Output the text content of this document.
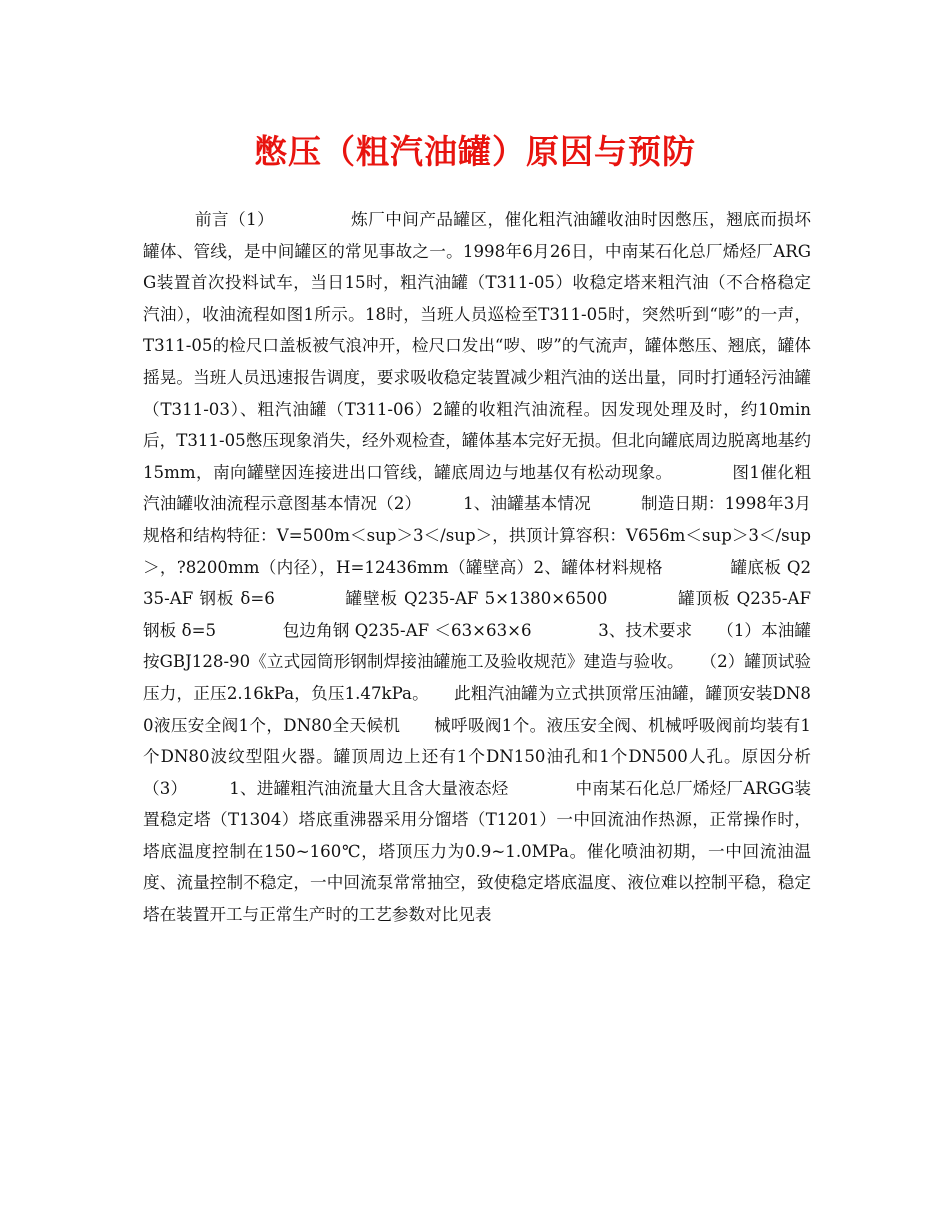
憋压（粗汽油罐）原因与预防

前言（1）　　　　　炼厂中间产品罐区，催化粗汽油罐收油时因憋压，翘底而损坏罐体、管线，是中间罐区的常见事故之一。1998年6月26日，中南某石化总厂烯烃厂ARGG装置首次投料试车，当日15时，粗汽油罐（T311-05）收稳定塔来粗汽油（不合格稳定汽油），收油流程如图1所示。18时，当班人员巡检至T311-05时，突然听到“嘭”的一声，T311-05的检尺口盖板被气浪冲开，检尺口发出“哕、哕”的气流声，罐体憋压、翘底，罐体摇晃。当班人员迅速报告调度，要求吸收稳定装置减少粗汽油的送出量，同时打通轻污油罐（T311-03）、粗汽油罐（T311-06）2罐的收粗汽油流程。因发现处理及时，约10min后，T311-05憋压现象消失，经外观检查，罐体基本完好无损。但北向罐底周边脱离地基约15mm，南向罐壁因连接进出口管线，罐底周边与地基仅有松动现象。　　　　图1催化粗汽油罐收油流程示意图基本情况（2）　　　1、油罐基本情况　　　制造日期：1998年3月　　　　　规格和结构特征：V=500m＜sup＞3＜/sup＞，拱顶计算容积：V656m＜sup＞3＜/sup＞，?8200mm（内径），H=12436mm（罐壁高）2、罐体材料规格　　　　罐底板 Q235-AF 钢板 δ=6　　　　罐壁板 Q235-AF 5×1380×6500　　　　罐顶板 Q235-AF 钢板 δ=5　　　　包边角钢 Q235-AF ＜63×63×6　　　　3、技术要求　　（1）本油罐按GBJ128-90《立式园筒形钢制焊接油罐施工及验收规范》建造与验收。　　（2）罐顶试验压力，正压2.16kPa，负压1.47kPa。　　此粗汽油罐为立式拱顶常压油罐，罐顶安装DN80液压安全阀1个，DN80全天候机　　械呼吸阀1个。液压安全阀、机械呼吸阀前均装有1个DN80波纹型阻火器。罐顶周边上还有1个DN150油孔和1个DN500人孔。原因分析（3）　　　1、进罐粗汽油流量大且含大量液态烃　　　　中南某石化总厂烯烃厂ARGG装置稳定塔（T1304）塔底重沸器采用分馏塔（T1201）一中回流油作热源，正常操作时，塔底温度控制在150~160℃，塔顶压力为0.9~1.0MPa。催化喷油初期，一中回流油温度、流量控制不稳定，一中回流泵常常抽空，致使稳定塔底温度、液位难以控制平稳，稳定塔在装置开工与正常生产时的工艺参数对比见表
